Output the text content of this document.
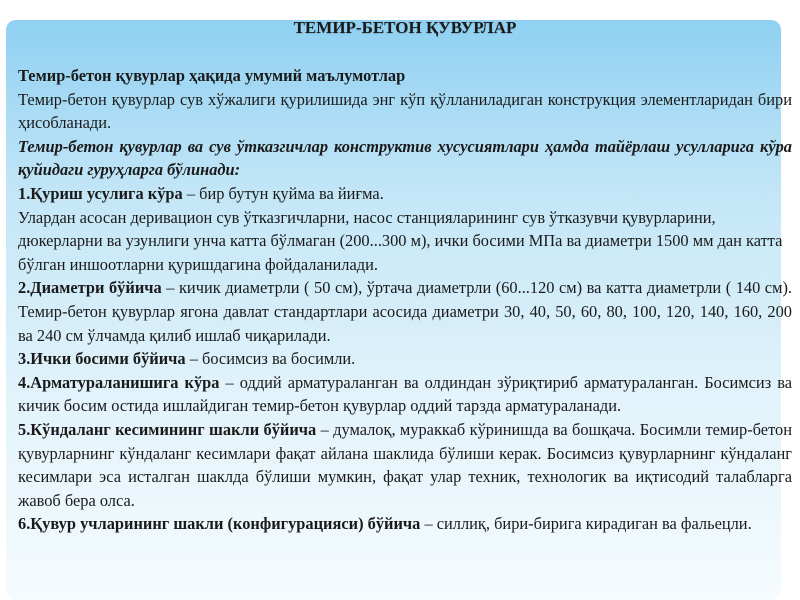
ТЕМИР-БЕТОН ҚУВУРЛАР

Темир-бетон қувурлар ҳақида умумий маълумотлар

Темир-бетон қувурлар сув хўжалиги қурилишида энг кўп қўлланиладиган конструкция элементларидан бири ҳисобланади.

Темир-бетон қувурлар ва сув ўтказгичлар конструктив хусусиятлари ҳамда тайёрлаш усулларига кўра қуйидаги гуруҳларга бўлинади:

1.Қуриш усулига кўра – бир бутун қуйма ва йиғма.

Улардан асосан деривацион сув ўтказгичларни, насос станцияларининг сув ўтказувчи қувурларини, дюкерларни ва узунлиги унча катта бўлмаган (200...300 м), ички босими МПа ва диаметри 1500 мм дан катта бўлган иншоотларни қуришдагина фойдаланилади.

2.Диаметри бўйича – кичик диаметрли ( 50 см), ўртача диаметрли (60...120 см) ва катта диаметрли ( 140 см). Темир-бетон қувурлар ягона давлат стандартлари асосида диаметри 30, 40, 50, 60, 80, 100, 120, 140, 160, 200 ва 240 см ўлчамда қилиб ишлаб чиқарилади.

3.Ички босими бўйича – босимсиз ва босимли.

4.Арматураланишига кўра – оддий арматураланган ва олдиндан зўриқтириб арматураланган. Босимсиз ва кичик босим остида ишлайдиган темир-бетон қувурлар оддий тарзда арматураланади.

5.Кўндаланг кесимининг шакли бўйича – думалоқ, мураккаб кўринишда ва бошқача. Босимли темир-бетон қувурларнинг кўндаланг кесимлари фақат айлана шаклида бўлиши керак. Босимсиз қувурларнинг кўндаланг кесимлари эса исталган шаклда бўлиши мумкин, фақат улар техник, технологик ва иқтисодий талабларга жавоб бера олса.

6.Қувур учларининг шакли (конфигурацияси) бўйича – силлиқ, бири-бирига кирадиган ва фальецли.
